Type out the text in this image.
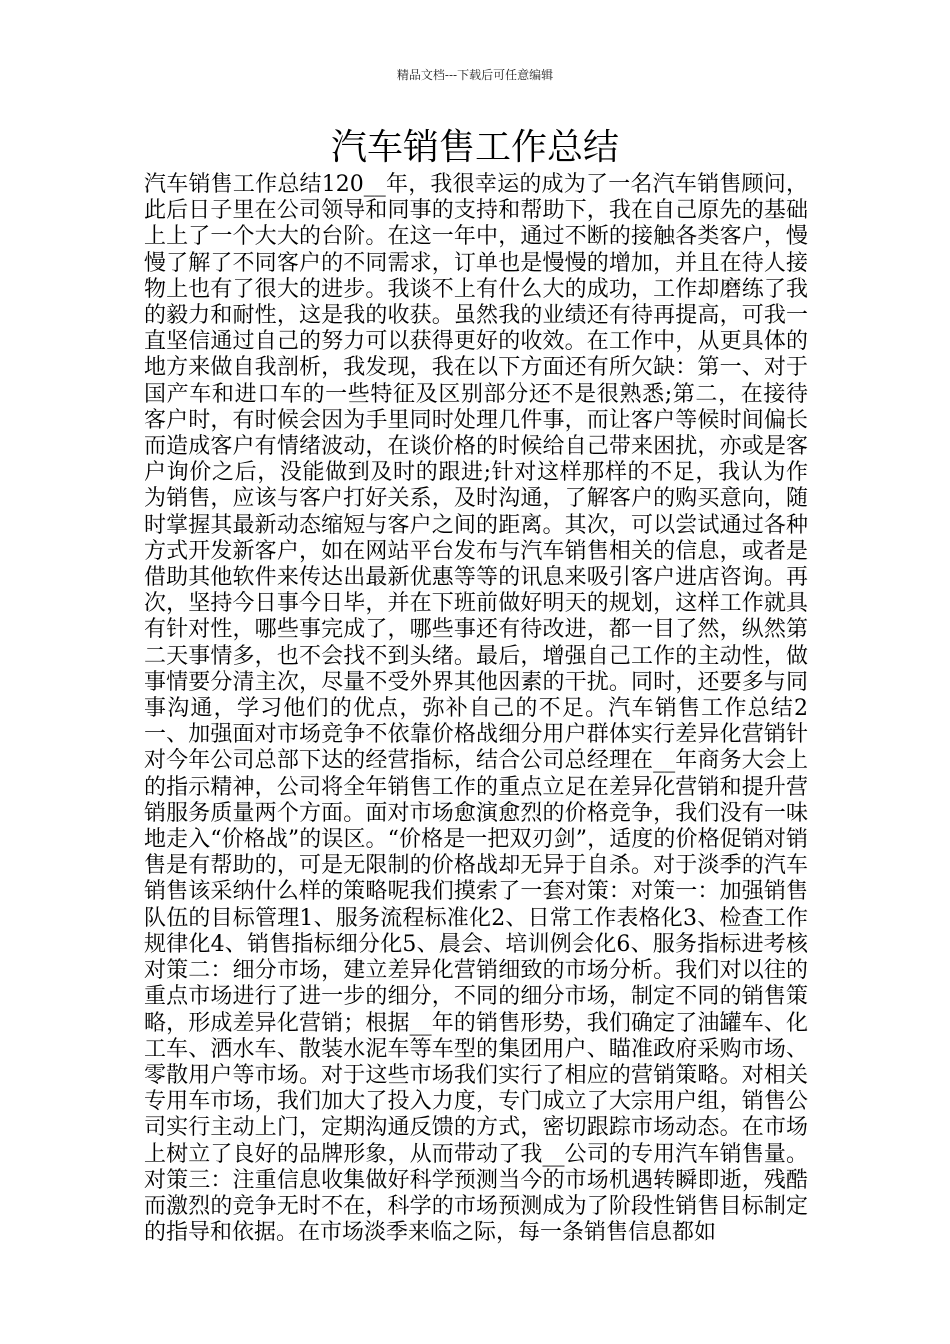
精品文档---下载后可任意编辑
汽车销售工作总结

汽车销售工作总结120__年，我很幸运的成为了一名汽车销售顾问，此后日子里在公司领导和同事的支持和帮助下，我在自己原先的基础上上了一个大大的台阶。在这一年中，通过不断的接触各类客户，慢慢了解了不同客户的不同需求，订单也是慢慢的增加，并且在待人接物上也有了很大的进步。我谈不上有什么大的成功，工作却磨练了我的毅力和耐性，这是我的收获。虽然我的业绩还有待再提高，可我一直坚信通过自己的努力可以获得更好的收效。在工作中，从更具体的地方来做自我剖析，我发现，我在以下方面还有所欠缺：第一、对于国产车和进口车的一些特征及区别部分还不是很熟悉;第二，在接待客户时，有时候会因为手里同时处理几件事，而让客户等候时间偏长而造成客户有情绪波动，在谈价格的时候给自己带来困扰，亦或是客户询价之后，没能做到及时的跟进;针对这样那样的不足，我认为作为销售，应该与客户打好关系，及时沟通，了解客户的购买意向，随时掌握其最新动态缩短与客户之间的距离。其次，可以尝试通过各种方式开发新客户，如在网站平台发布与汽车销售相关的信息，或者是借助其他软件来传达出最新优惠等等的讯息来吸引客户进店咨询。再次，坚持今日事今日毕，并在下班前做好明天的规划，这样工作就具有针对性，哪些事完成了，哪些事还有待改进，都一目了然，纵然第二天事情多，也不会找不到头绪。最后，增强自己工作的主动性，做事情要分清主次，尽量不受外界其他因素的干扰。同时，还要多与同事沟通，学习他们的优点，弥补自己的不足。汽车销售工作总结2一、加强面对市场竞争不依靠价格战细分用户群体实行差异化营销针对今年公司总部下达的经营指标，结合公司总经理在__年商务大会上的指示精神，公司将全年销售工作的重点立足在差异化营销和提升营销服务质量两个方面。面对市场愈演愈烈的价格竞争，我们没有一味地走入“价格战”的误区。“价格是一把双刃剑”，适度的价格促销对销售是有帮助的，可是无限制的价格战却无异于自杀。对于淡季的汽车销售该采纳什么样的策略呢我们摸索了一套对策：对策一：加强销售队伍的目标管理1、服务流程标准化2、日常工作表格化3、检查工作规律化4、销售指标细分化5、晨会、培训例会化6、服务指标进考核对策二：细分市场，建立差异化营销细致的市场分析。我们对以往的重点市场进行了进一步的细分，不同的细分市场，制定不同的销售策略，形成差异化营销；根据__年的销售形势，我们确定了油罐车、化工车、洒水车、散装水泥车等车型的集团用户、瞄准政府采购市场、零散用户等市场。对于这些市场我们实行了相应的营销策略。对相关专用车市场，我们加大了投入力度，专门成立了大宗用户组，销售公司实行主动上门，定期沟通反馈的方式，密切跟踪市场动态。在市场上树立了良好的品牌形象，从而带动了我__公司的专用汽车销售量。对策三：注重信息收集做好科学预测当今的市场机遇转瞬即逝，残酷而激烈的竞争无时不在，科学的市场预测成为了阶段性销售目标制定的指导和依据。在市场淡季来临之际，每一条销售信息都如
